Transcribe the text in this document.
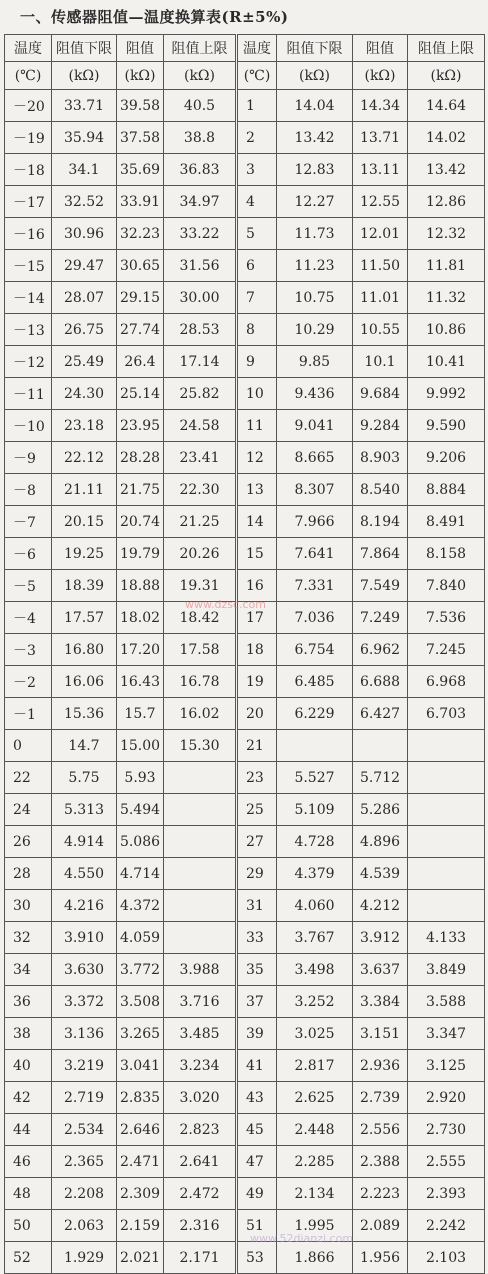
一、传感器阻值—温度换算表(R±5%)
温度	阻值下限	阻值	阻值上限	温度	阻值下限	阻值	阻值上限
(℃)	(kΩ)	(kΩ)	(kΩ)	(℃)	(kΩ)	(kΩ)	(kΩ)
－20	33.71	39.58	40.5	1	14.04	14.34	14.64
－19	35.94	37.58	38.8	2	13.42	13.71	14.02
－18	34.1	35.69	36.83	3	12.83	13.11	13.42
－17	32.52	33.91	34.97	4	12.27	12.55	12.86
－16	30.96	32.23	33.22	5	11.73	12.01	12.32
－15	29.47	30.65	31.56	6	11.23	11.50	11.81
－14	28.07	29.15	30.00	7	10.75	11.01	11.32
－13	26.75	27.74	28.53	8	10.29	10.55	10.86
－12	25.49	26.4	17.14	9	9.85	10.1	10.41
－11	24.30	25.14	25.82	10	9.436	9.684	9.992
－10	23.18	23.95	24.58	11	9.041	9.284	9.590
－9	22.12	28.28	23.41	12	8.665	8.903	9.206
－8	21.11	21.75	22.30	13	8.307	8.540	8.884
－7	20.15	20.74	21.25	14	7.966	8.194	8.491
－6	19.25	19.79	20.26	15	7.641	7.864	8.158
－5	18.39	18.88	19.31	16	7.331	7.549	7.840
－4	17.57	18.02	18.42	17	7.036	7.249	7.536
－3	16.80	17.20	17.58	18	6.754	6.962	7.245
－2	16.06	16.43	16.78	19	6.485	6.688	6.968
－1	15.36	15.7	16.02	20	6.229	6.427	6.703
0	14.7	15.00	15.30	21			
22	5.75	5.93		23	5.527	5.712	
24	5.313	5.494		25	5.109	5.286	
26	4.914	5.086		27	4.728	4.896	
28	4.550	4.714		29	4.379	4.539	
30	4.216	4.372		31	4.060	4.212	
32	3.910	4.059		33	3.767	3.912	4.133
34	3.630	3.772	3.988	35	3.498	3.637	3.849
36	3.372	3.508	3.716	37	3.252	3.384	3.588
38	3.136	3.265	3.485	39	3.025	3.151	3.347
40	3.219	3.041	3.234	41	2.817	2.936	3.125
42	2.719	2.835	3.020	43	2.625	2.739	2.920
44	2.534	2.646	2.823	45	2.448	2.556	2.730
46	2.365	2.471	2.641	47	2.285	2.388	2.555
48	2.208	2.309	2.472	49	2.134	2.223	2.393
50	2.063	2.159	2.316	51	1.995	2.089	2.242
52	1.929	2.021	2.171	53	1.866	1.956	2.103
www.dzsc.com
www.52dianzi.com
